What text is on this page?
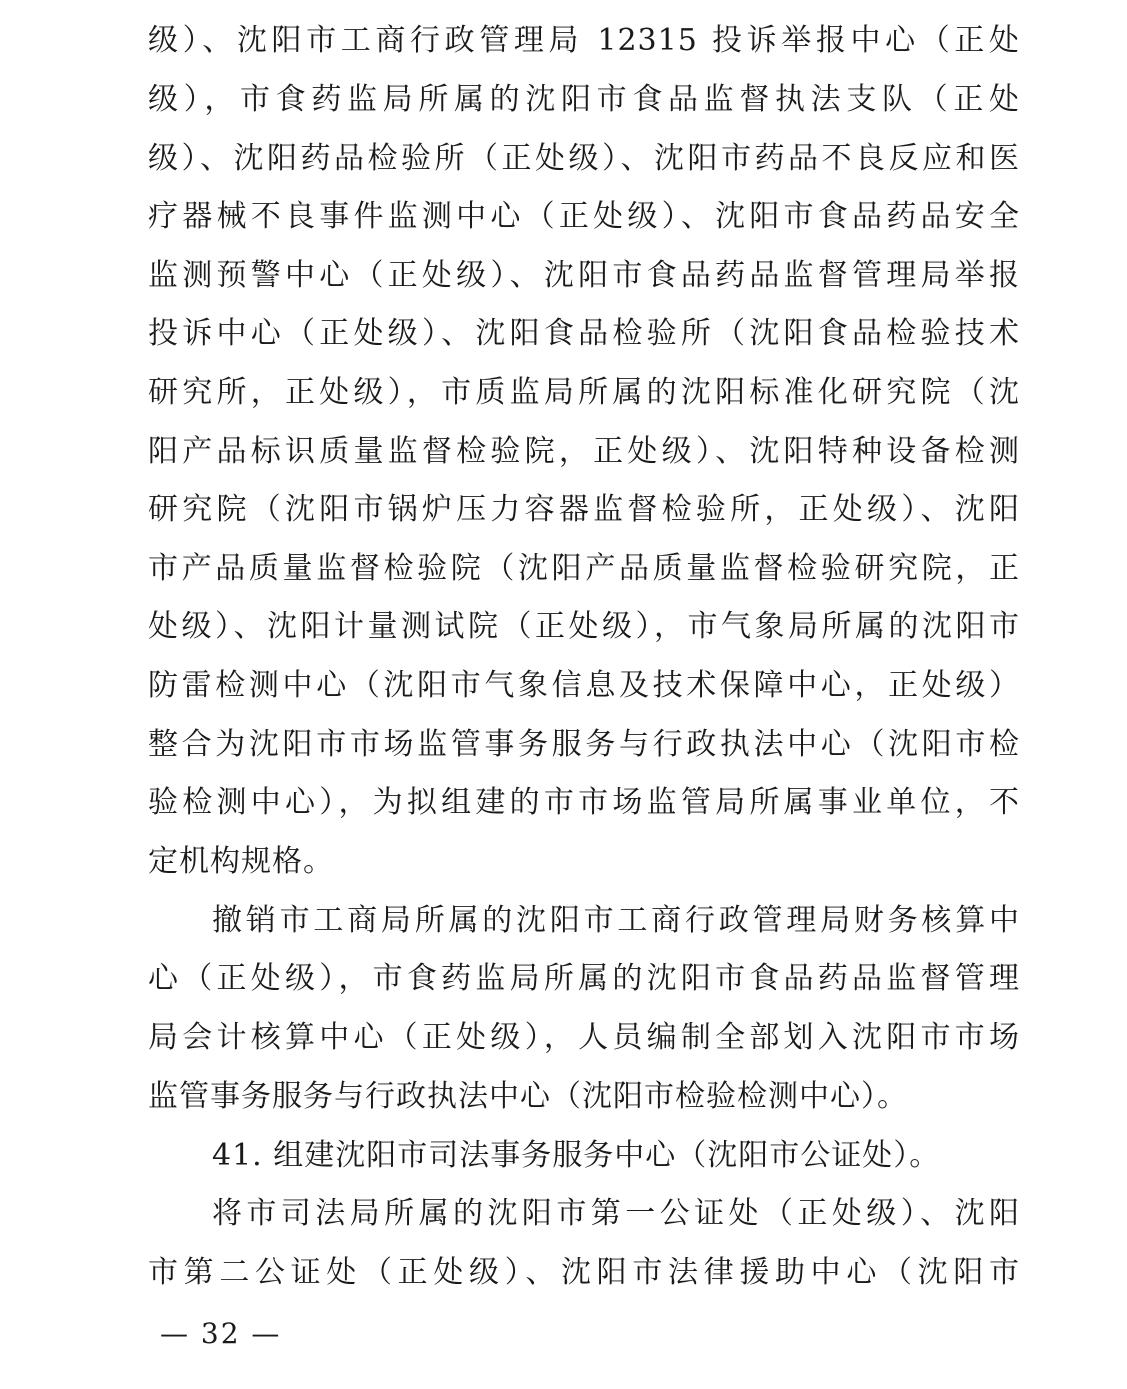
级）、沈阳市工商行政管理局 12315 投诉举报中心（正处
级），市食药监局所属的沈阳市食品监督执法支队（正处
级）、沈阳药品检验所（正处级）、沈阳市药品不良反应和医
疗器械不良事件监测中心（正处级）、沈阳市食品药品安全
监测预警中心（正处级）、沈阳市食品药品监督管理局举报
投诉中心（正处级）、沈阳食品检验所（沈阳食品检验技术
研究所，正处级），市质监局所属的沈阳标准化研究院（沈
阳产品标识质量监督检验院，正处级）、沈阳特种设备检测
研究院（沈阳市锅炉压力容器监督检验所，正处级）、沈阳
市产品质量监督检验院（沈阳产品质量监督检验研究院，正
处级）、沈阳计量测试院（正处级），市气象局所属的沈阳市
防雷检测中心（沈阳市气象信息及技术保障中心，正处级）
整合为沈阳市市场监管事务服务与行政执法中心（沈阳市检
验检测中心），为拟组建的市市场监管局所属事业单位，不
定机构规格。
撤销市工商局所属的沈阳市工商行政管理局财务核算中
心（正处级），市食药监局所属的沈阳市食品药品监督管理
局会计核算中心（正处级），人员编制全部划入沈阳市市场
监管事务服务与行政执法中心（沈阳市检验检测中心）。
41. 组建沈阳市司法事务服务中心（沈阳市公证处）。
将市司法局所属的沈阳市第一公证处（正处级）、沈阳
市第二公证处（正处级）、沈阳市法律援助中心（沈阳市
— 32 —
